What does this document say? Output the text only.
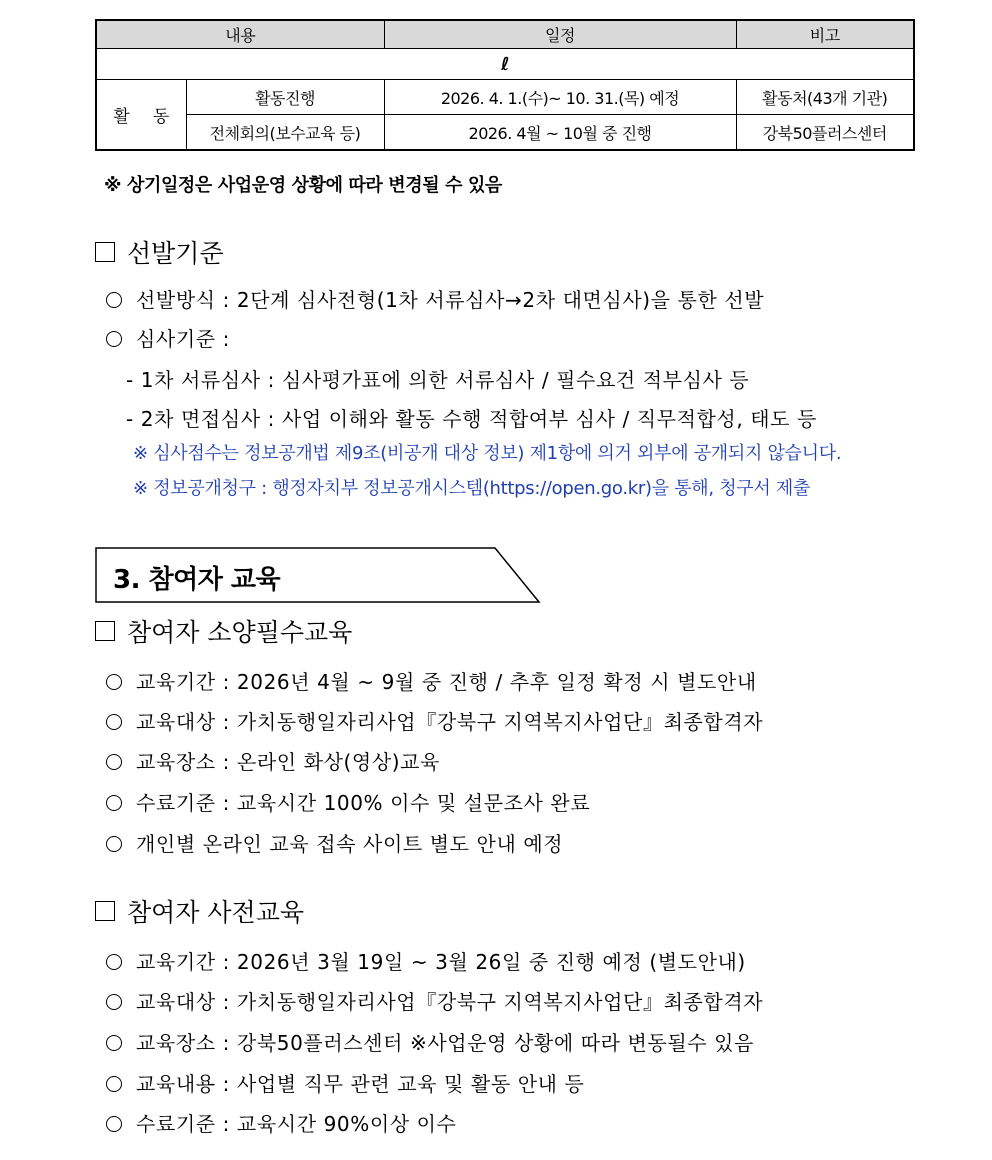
내용		일정	비고
ℓ			
활 동	활동진행	2026. 4. 1.(수)~ 10. 31.(목) 예정	활동처(43개 기관)
	전체회의(보수교육 등)	2026. 4월 ~ 10월 중 진행	강북50플러스센터
※ 상기일정은 사업운영 상황에 따라 변경될 수 있음
선발기준
선발방식 : 2단계 심사전형(1차 서류심사→2차 대면심사)을 통한 선발
심사기준 :
- 1차 서류심사 : 심사평가표에 의한 서류심사 / 필수요건 적부심사 등
- 2차 면접심사 : 사업 이해와 활동 수행 적합여부 심사 / 직무적합성, 태도 등
※ 심사점수는 정보공개법 제9조(비공개 대상 정보) 제1항에 의거 외부에 공개되지 않습니다.
※ 정보공개청구 : 행정자치부 정보공개시스템(https://open.go.kr)을 통해, 청구서 제출
3. 참여자 교육
참여자 소양필수교육
교육기간 : 2026년 4월 ~ 9월 중 진행 / 추후 일정 확정 시 별도안내
교육대상 : 가치동행일자리사업『강북구 지역복지사업단』최종합격자
교육장소 : 온라인 화상(영상)교육
수료기준 : 교육시간 100% 이수 및 설문조사 완료
개인별 온라인 교육 접속 사이트 별도 안내 예정
참여자 사전교육
교육기간 : 2026년 3월 19일 ~ 3월 26일 중 진행 예정 (별도안내)
교육대상 : 가치동행일자리사업『강북구 지역복지사업단』최종합격자
교육장소 : 강북50플러스센터 ※사업운영 상황에 따라 변동될수 있음
교육내용 : 사업별 직무 관련 교육 및 활동 안내 등
수료기준 : 교육시간 90%이상 이수
